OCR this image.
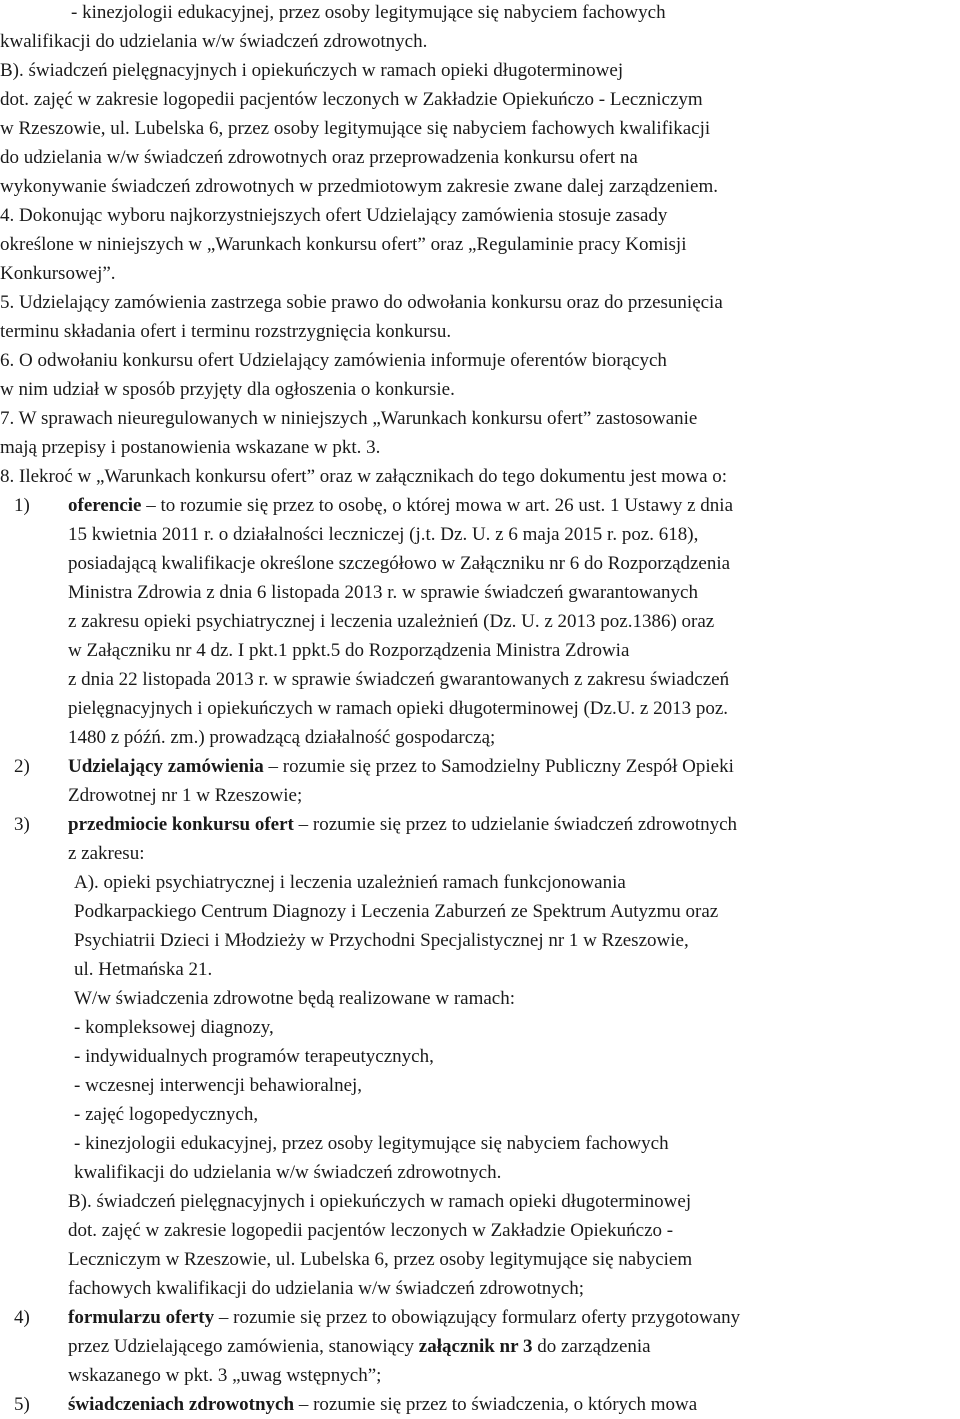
- kinezjologii edukacyjnej, przez osoby legitymujące się nabyciem fachowych
kwalifikacji do udzielania w/w świadczeń zdrowotnych.
B). świadczeń pielęgnacyjnych i opiekuńczych w ramach opieki długoterminowej
dot. zajęć w zakresie logopedii pacjentów leczonych w Zakładzie Opiekuńczo - Leczniczym
w Rzeszowie, ul. Lubelska 6, przez osoby legitymujące się nabyciem fachowych kwalifikacji
do udzielania w/w świadczeń zdrowotnych oraz przeprowadzenia konkursu ofert na
wykonywanie świadczeń zdrowotnych w przedmiotowym zakresie zwane dalej zarządzeniem.
4. Dokonując wyboru najkorzystniejszych ofert Udzielający zamówienia stosuje zasady
określone w niniejszych w „Warunkach konkursu ofert” oraz „Regulaminie pracy Komisji
Konkursowej”.
5. Udzielający zamówienia zastrzega sobie prawo do odwołania konkursu oraz do przesunięcia
terminu składania ofert i terminu rozstrzygnięcia konkursu.
6. O odwołaniu konkursu ofert Udzielający zamówienia informuje oferentów biorących
w nim udział w sposób przyjęty dla ogłoszenia o konkursie.
7. W sprawach nieuregulowanych w niniejszych „Warunkach konkursu ofert” zastosowanie
mają przepisy i postanowienia wskazane w pkt. 3.
8. Ilekroć w „Warunkach konkursu ofert” oraz w załącznikach do tego dokumentu jest mowa o:
1) oferencie – to rozumie się przez to osobę, o której mowa w art. 26 ust. 1 Ustawy z dnia
15 kwietnia 2011 r. o działalności leczniczej (j.t. Dz. U. z 6 maja 2015 r. poz. 618),
posiadającą kwalifikacje określone szczegółowo w Załączniku nr 6 do Rozporządzenia
Ministra Zdrowia z dnia 6 listopada 2013 r. w sprawie świadczeń gwarantowanych
z zakresu opieki psychiatrycznej i leczenia uzależnień (Dz. U. z 2013 poz.1386) oraz
w Załączniku nr 4 dz. I pkt.1 ppkt.5 do Rozporządzenia Ministra Zdrowia
z dnia 22 listopada 2013 r. w sprawie świadczeń gwarantowanych z zakresu świadczeń
pielęgnacyjnych i opiekuńczych w ramach opieki długoterminowej (Dz.U. z 2013 poz.
1480 z późń. zm.) prowadzącą działalność gospodarczą;
2) Udzielający zamówienia – rozumie się przez to Samodzielny Publiczny Zespół Opieki
Zdrowotnej nr 1 w Rzeszowie;
3) przedmiocie konkursu ofert – rozumie się przez to udzielanie świadczeń zdrowotnych
z zakresu:
A). opieki psychiatrycznej i leczenia uzależnień ramach funkcjonowania
Podkarpackiego Centrum Diagnozy i Leczenia Zaburzeń ze Spektrum Autyzmu oraz
Psychiatrii Dzieci i Młodzieży w Przychodni Specjalistycznej nr 1 w Rzeszowie,
ul. Hetmańska 21.
W/w świadczenia zdrowotne będą realizowane w ramach:
- kompleksowej diagnozy,
- indywidualnych programów terapeutycznych,
- wczesnej interwencji behawioralnej,
- zajęć logopedycznych,
- kinezjologii edukacyjnej, przez osoby legitymujące się nabyciem fachowych
kwalifikacji do udzielania w/w świadczeń zdrowotnych.
B). świadczeń pielęgnacyjnych i opiekuńczych w ramach opieki długoterminowej
dot. zajęć w zakresie logopedii pacjentów leczonych w Zakładzie Opiekuńczo -
Leczniczym w Rzeszowie, ul. Lubelska 6, przez osoby legitymujące się nabyciem
fachowych kwalifikacji do udzielania w/w świadczeń zdrowotnych;
4) formularzu oferty – rozumie się przez to obowiązujący formularz oferty przygotowany
przez Udzielającego zamówienia, stanowiący załącznik nr 3 do zarządzenia
wskazanego w pkt. 3 „uwag wstępnych”;
5) świadczeniach zdrowotnych – rozumie się przez to świadczenia, o których mowa
